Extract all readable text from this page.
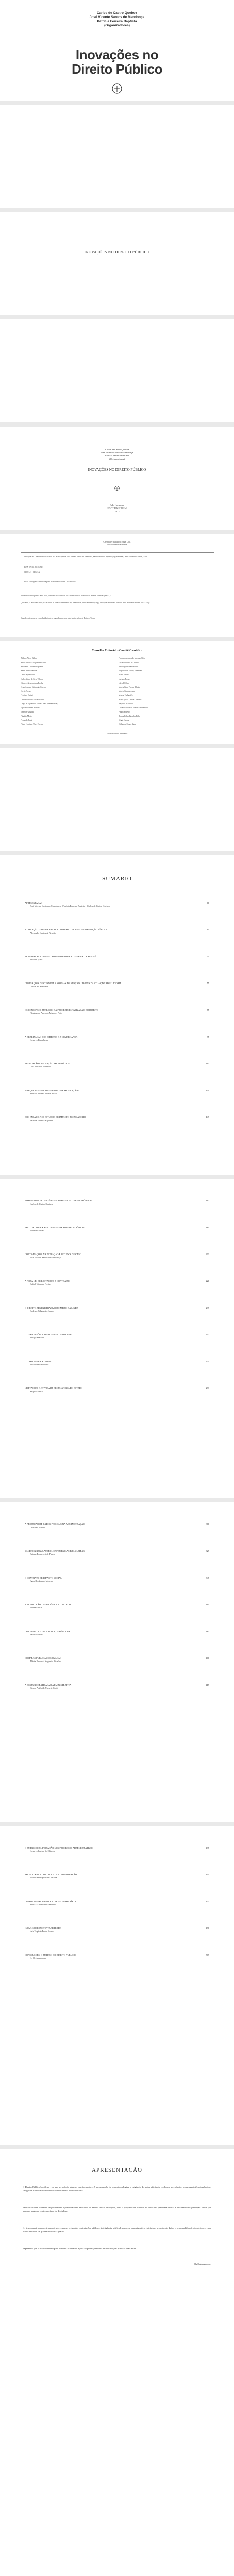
Carlos de Castro Queiroz
José Vicente Santos de Mendonça
Patrícia Ferreira Baptista
(Organizadores)
Inovações no
Direito Público
INOVAÇÕES NO DIREITO PÚBLICO
Carlos de Castro Queiroz
José Vicente Santos de Mendonça
Patrícia Ferreira Baptista
(Organizadores)
INOVAÇÕES NO DIREITO PÚBLICO
Belo Horizonte
EDITORA FÓRUM
2023
Copyright © by Editora Fórum Ltda.
Todos os direitos reservados.
Inovações no Direito Público / Carlos de Castro Queiroz, José Vicente Santos de Mendonça, Patrícia Ferreira Baptista (Organizadores). Belo Horizonte: Fórum, 2023.
ISBN 978-65-5518-451-3
CDD 341 · CDU 342
Ficha catalográfica elaborada por Lissandra Ruas Lima – CRB/6-2851
Informação bibliográfica deste livro, conforme a NBR 6023:2018 da Associação Brasileira de Normas Técnicas (ABNT):
QUEIROZ, Carlos de Castro; MENDONÇA, José Vicente Santos de; BAPTISTA, Patrícia Ferreira (Org.). Inovações no Direito Público. Belo Horizonte: Fórum, 2023. 354 p.
Esta obra não pode ser reproduzida, total ou parcialmente, sem autorização prévia da Editora Fórum.
Conselho Editorial - Comitê Científico
Adilson Abreu Dallari
Alécia Paolucci Nogueira Bicalho
Alexandre Coutinho Pagliarini
André Ramos Tavares
Carlos Ayres Britto
Carlos Mário da Silva Velloso
Cármen Lúcia Antunes Rocha
Cesar Augusto Guimarães Pereira
Clovis Beznos
Cristiana Fortini
Dinorá Adelaide Musetti Grotti
Diogo de Figueiredo Moreira Neto (in memoriam)
Egon Bockmann Moreira
Emerson Gabardo
Fabrício Motta
Fernando Rossi
Flávio Henrique Unes Pereira
Floriano de Azevedo Marques Neto
Gustavo Justino de Oliveira
Inês Virgínia Prado Soares
Jorge Ulisses Jacoby Fernandes
Juarez Freitas
Luciano Ferraz
Lúcio Delfino
Marcia Carla Pereira Ribeiro
Márcio Cammarosano
Marcos Ehrhardt Jr.
Maria Sylvia Zanella Di Pietro
Ney José de Freitas
Oswaldo Othon de Pontes Saraiva Filho
Paulo Modesto
Romeu Felipe Bacellar Filho
Sérgio Guerra
Walber de Moura Agra
Todos os direitos reservados
SUMÁRIO
11
APRESENTAÇÃO
José Vicente Santos de Mendonça · Patrícia Ferreira Baptista · Carlos de Castro Queiroz
15
A INSERÇÃO DA GOVERNANÇA CORPORATIVA NA ADMINISTRAÇÃO PÚBLICA
Alexandre Santos de Aragão
35
RESPONSABILIDADE DO ADMINISTRADOR E O GESTOR DE BOA-FÉ
André Cyrino
55
OBRIGAÇÕES DE CONDUTA E NORMAS DE SANÇÃO: LIMITES DA ATUAÇÃO REGULATÓRIA
Carlos Ari Sundfeld
75
OS CONSENSOS PÚBLICOS E A PROCEDIMENTALIZAÇÃO DO DIREITO
Floriano de Azevedo Marques Neto
95
A REALIZAÇÃO DOS DIREITOS E A GOVERNANÇA
Gustavo Binenbojm
113
REGULAÇÃO E INOVAÇÃO TECNOLÓGICA
Luiz Eduardo Pinheiro
131
POR QUE INSISTIR NO EMPREGO DA REGULAÇÃO?
Marcos Juruena Villela Souto
149
DOS ENSAIOS AOS ESTUDOS DE IMPACTO REGULATÓRIO
Patrícia Ferreira Baptista
167
EMPREGO DA INTELIGÊNCIA ARTIFICIAL NO DIREITO PÚBLICO
Carlos de Castro Queiroz
185
EFEITOS DO PROCESSO ADMINISTRATIVO ELETRÔNICO
Eduardo Jordão
203
CONTRATAÇÕES NA INOVAÇÃO E ESTUDOS DE CASO
José Vicente Santos de Mendonça
221
A NOVA LEI DE LICITAÇÕES E CONTRATOS
Rafael Véras de Freitas
239
O DIREITO ADMINISTRATIVO DO MEDO E A LINDB
Rodrigo Valgas dos Santos
257
O GESTOR PÚBLICO E O DEVER DE DECIDIR
Thiago Marrara
275
O CASO NUDGE E O DIREITO
Vitor Rhein Schirato
293
LIMITAÇÕES À ATIVIDADE REGULATÓRIA DO ESTADO
Sérgio Guerra
311
A PROTEÇÃO DE DADOS PESSOAIS NA ADMINISTRAÇÃO
Cristiana Fortini
329
SANDBOX REGULATÓRIO: EXPERIÊNCIAS BRASILEIRAS
Juliana Bonacorsi de Palma
347
O CONTRATO DE IMPACTO SOCIAL
Egon Bockmann Moreira
365
A REVOLUÇÃO TECNOLÓGICA E O ESTADO
Juarez Freitas
383
GOVERNO DIGITAL E SERVIÇOS PÚBLICOS
Fabrício Motta
401
COMPRAS PÚBLICAS E INOVAÇÃO
Alécia Paolucci Nogueira Bicalho
419
A DESBUROCRATIZAÇÃO ADMINISTRATIVA
Dinorá Adelaide Musetti Grotti
437
O EMPREGO DA INOVAÇÃO NOS PROCESSOS ADMINISTRATIVOS
Gustavo Justino de Oliveira
455
TECNOLOGIA E CONTROLE DA ADMINISTRAÇÃO
Flávio Henrique Unes Pereira
473
CIDADES INTELIGENTES E DIREITO URBANÍSTICO
Marcia Carla Pereira Ribeiro
491
INOVAÇÃO E SUSTENTABILIDADE
Inês Virgínia Prado Soares
509
CONCLUSÕES: O FUTURO DO DIREITO PÚBLICO
Os Organizadores
APRESENTAÇÃO
O Direito Público brasileiro vive um período de intensas transformações. A incorporação de novas tecnologias, a exigência de maior eficiência e a busca por soluções consensuais têm desafiado as categorias tradicionais do direito administrativo e constitucional.
Esta obra reúne reflexões de professores e pesquisadores dedicados ao estudo dessas inovações, com o propósito de oferecer ao leitor um panorama crítico e atualizado dos principais temas que marcam a agenda contemporânea da disciplina.
Os textos aqui reunidos tratam de governança, regulação, contratações públicas, inteligência artificial, processo administrativo eletrônico, proteção de dados e responsabilidade dos gestores, entre outros assuntos de grande relevância prática.
Esperamos que o livro contribua para o debate acadêmico e para o aperfeiçoamento das instituições públicas brasileiras.
Os Organizadores
